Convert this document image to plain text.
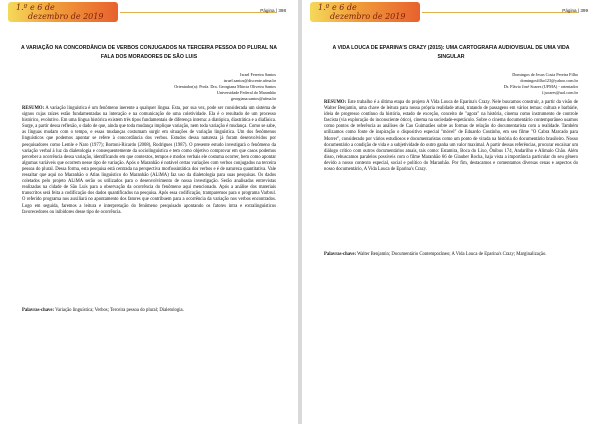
1.º e 6 de
dezembro de 2019
Página | 398
A VARIAÇÃO NA CONCORDÂNCIA DE VERBOS CONJUGADOS NA TERCEIRA PESSOA DO PLURAL NA FALA DOS MORADORES DE SÃO LUIS
Israel Ferreira Santos
israel.santos@discente.ufma.br
Orientador(a): Profa. Dra. Georgiana Márcia Oliveira Santos
Universidade Federal do Maranhão
georgiana.santos@ufma.br
RESUMO: A variação linguística é um fenômeno inerente a qualquer língua. Esta, por sua vez, pode ser considerada um sistema de signos cujas raízes estão fundamentadas na interação e na comunicação de uma coletividade. Ela é o resultado de um processo histórico, evolutivo. Em uma língua histórica existem três tipos fundamentais de diferença interna: a diatópica, diastrática e a diafásica. Surge, a partir dessa reflexão, o dado de que, ainda que toda mudança implique variação, nem toda variação é mudança. Como se sabe, as línguas mudam com o tempo, e essas mudanças costumam surgir em situações de variação linguística. Um dos fenômenos linguísticos que podemos apontar se refere à concordância dos verbos. Estudos dessa natureza já foram desenvolvidos por pesquisadores como Lemle e Naro (1977); Bortoni-Ricardo (2008), Rodrigues (1987). O presente estudo investigará o fenômeno da variação verbal à luz da dialetologia e consequentemente da sociolinguística e tem como objetivo comprovar em que casos podemos perceber a ocorrência dessa variação, identificando em que contextos, tempos e modos verbais ele costuma ocorrer, bem como apontar algumas variáveis que ocorrem nesse tipo de variação. Após o Maranhão é notável certas variações com verbos conjugados na terceira pessoa do plural. Dessa forma, esta pesquisa está centrada na perspectiva morfossintática dos verbos e é de natureza quantitativa. Vale ressaltar que aqui no Maranhão o Atlas linguístico do Maranhão (ALiMA) faz uso da dialetologia para suas pesquisas. Os dados coletados pelo projeto ALiMA serão os utilizados para o desenvolvimento de nossa investigação. Serão analisadas entrevistas realizadas na cidade de São Luís para a observação da ocorrência do fenômeno aqui mencionado. Após a análise dos materiais transcritos será feita a codificação dos dados quantificados na pesquisa. Após essa codificação, tramparemos para o programa Varbrul. O referido programa nos auxiliará no apontamento dos fatores que contribuem para a ocorrência da variação nos verbos encontrados. Logo em seguida, faremos a leitura e interpretação do fenômeno pesquisado apontando os fatores intra e extralinguísticos favorecedores ou inibidores desse tipo de ocorrência.
Palavras-chave: Variação linguística; Verbos; Terceira pessoa do plural; Dialetologia.
1.º e 6 de
dezembro de 2019
Página | 399
A VIDA LOUCA DE EPARINA'S CRAZY (2015): UMA CARTOGRAFIA AUDIOVISUAL DE UMA VIDA SINGULAR
Domingos de Jesus Costa Pereira Filho
domingosfilho123@yahoo.com.br
Dr. Flávio José Soares (UFMA) - orientador
f.jsoares@uol.com.br
RESUMO: Este trabalho é a última etapa do projeto A Vida Louca de Eparina's Crazy. Nele buscamos construir, a partir da visão de Walter Benjamin, uma chave de leitura para nossa própria realidade atual, tratando de passagens em vários temas: cultura e barbárie, ideia de progresso contínuo da história, estado de exceção, conceito de "agora" na história, cinema como instrumento de controle fascista (via exploração do inconsciente ótico), cinema na sociedade-espetáculo. Sobre o cinema documentário contemporâneo usamos como pontos de referência as análises de Cao Guimarães sobre as formas de relação do documentarista com a realidade. Também utilizamos como fonte de inspiração o dispositivo especial "móvel" de Eduardo Coutinho, em seu filme "O Cabra Marcado para Morrer", considerado por vários estudiosos e documentaristas como um ponto de virada na história do documentário brasileiro. Nosso documentário a condição de vida e a subjetividade do outro ganha um valor maximal. A partir dessas referências, procurar encaixar um diálogo crítico com outros documentários atuais, tais como: Estamira, Boca do Lixo, Ônibus 174, Andarilho e Alimalo Chão. Além disso, rebuscamos paralelos possíveis com o filme Maranhão 66 de Glauber Rocha, haja vista a importância particular do seu gênero devido a nosso contexto especial, social e político do Maranhão. Por fim, destacamos e comentamos diversas cenas e aspectos do nosso documentário, A Vida Louca de Eparina's Crazy.
Palavras-chave: Walter Benjamin; Documentário Contemporâneo; A Vida Louca de Eparina's Crazy; Marginalização.
